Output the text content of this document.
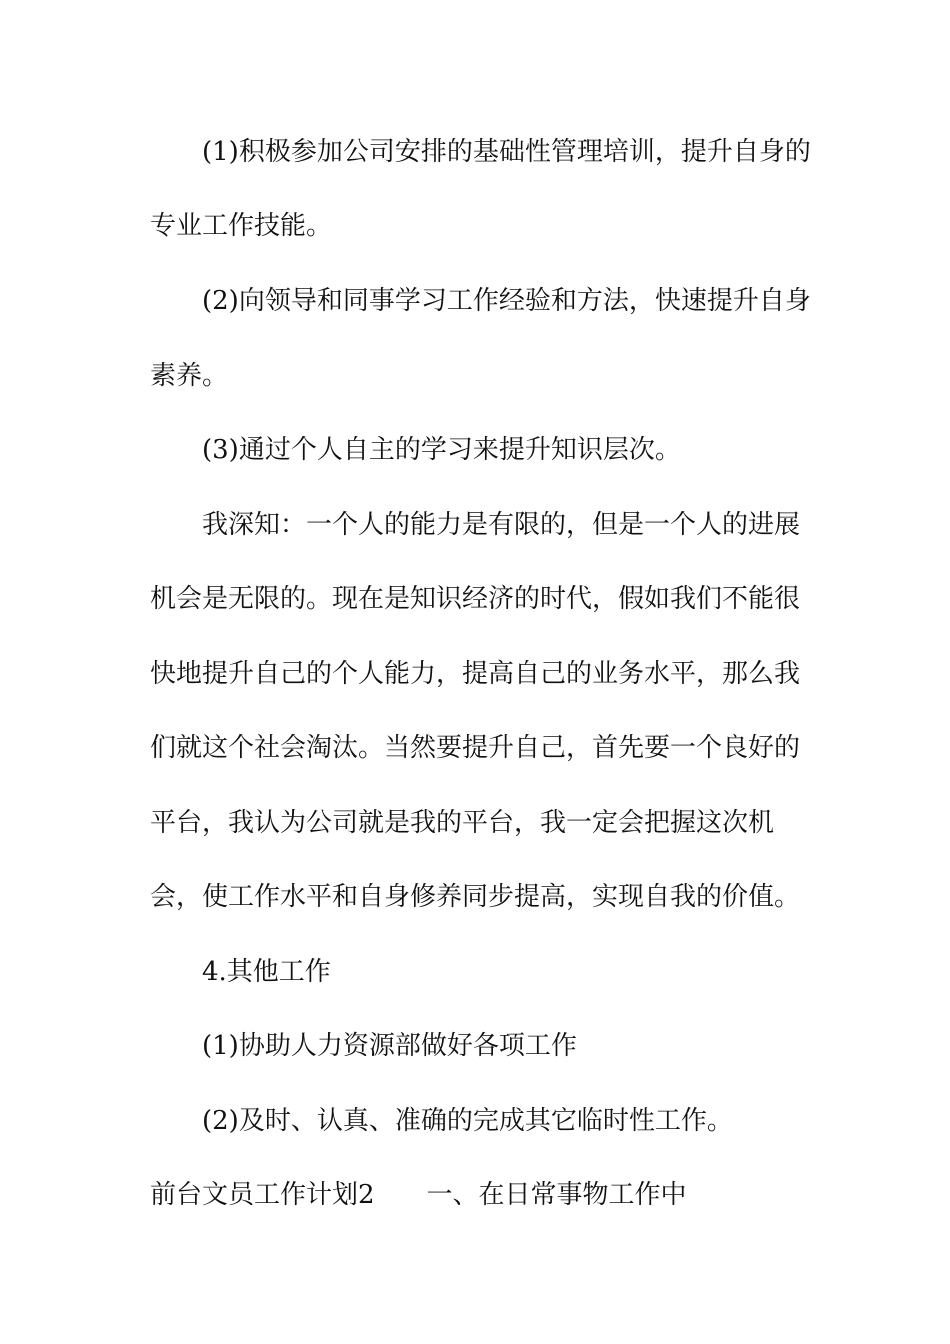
(1)积极参加公司安排的基础性管理培训，提升自身的
专业工作技能。
(2)向领导和同事学习工作经验和方法，快速提升自身
素养。
(3)通过个人自主的学习来提升知识层次。
我深知：一个人的能力是有限的，但是一个人的进展
机会是无限的。现在是知识经济的时代，假如我们不能很
快地提升自己的个人能力，提高自己的业务水平，那么我
们就这个社会淘汰。当然要提升自己，首先要一个良好的
平台，我认为公司就是我的平台，我一定会把握这次机
会，使工作水平和自身修养同步提高，实现自我的价值。
4.其他工作
(1)协助人力资源部做好各项工作
(2)及时、认真、准确的完成其它临时性工作。
前台文员工作计划2 一、在日常事物工作中
